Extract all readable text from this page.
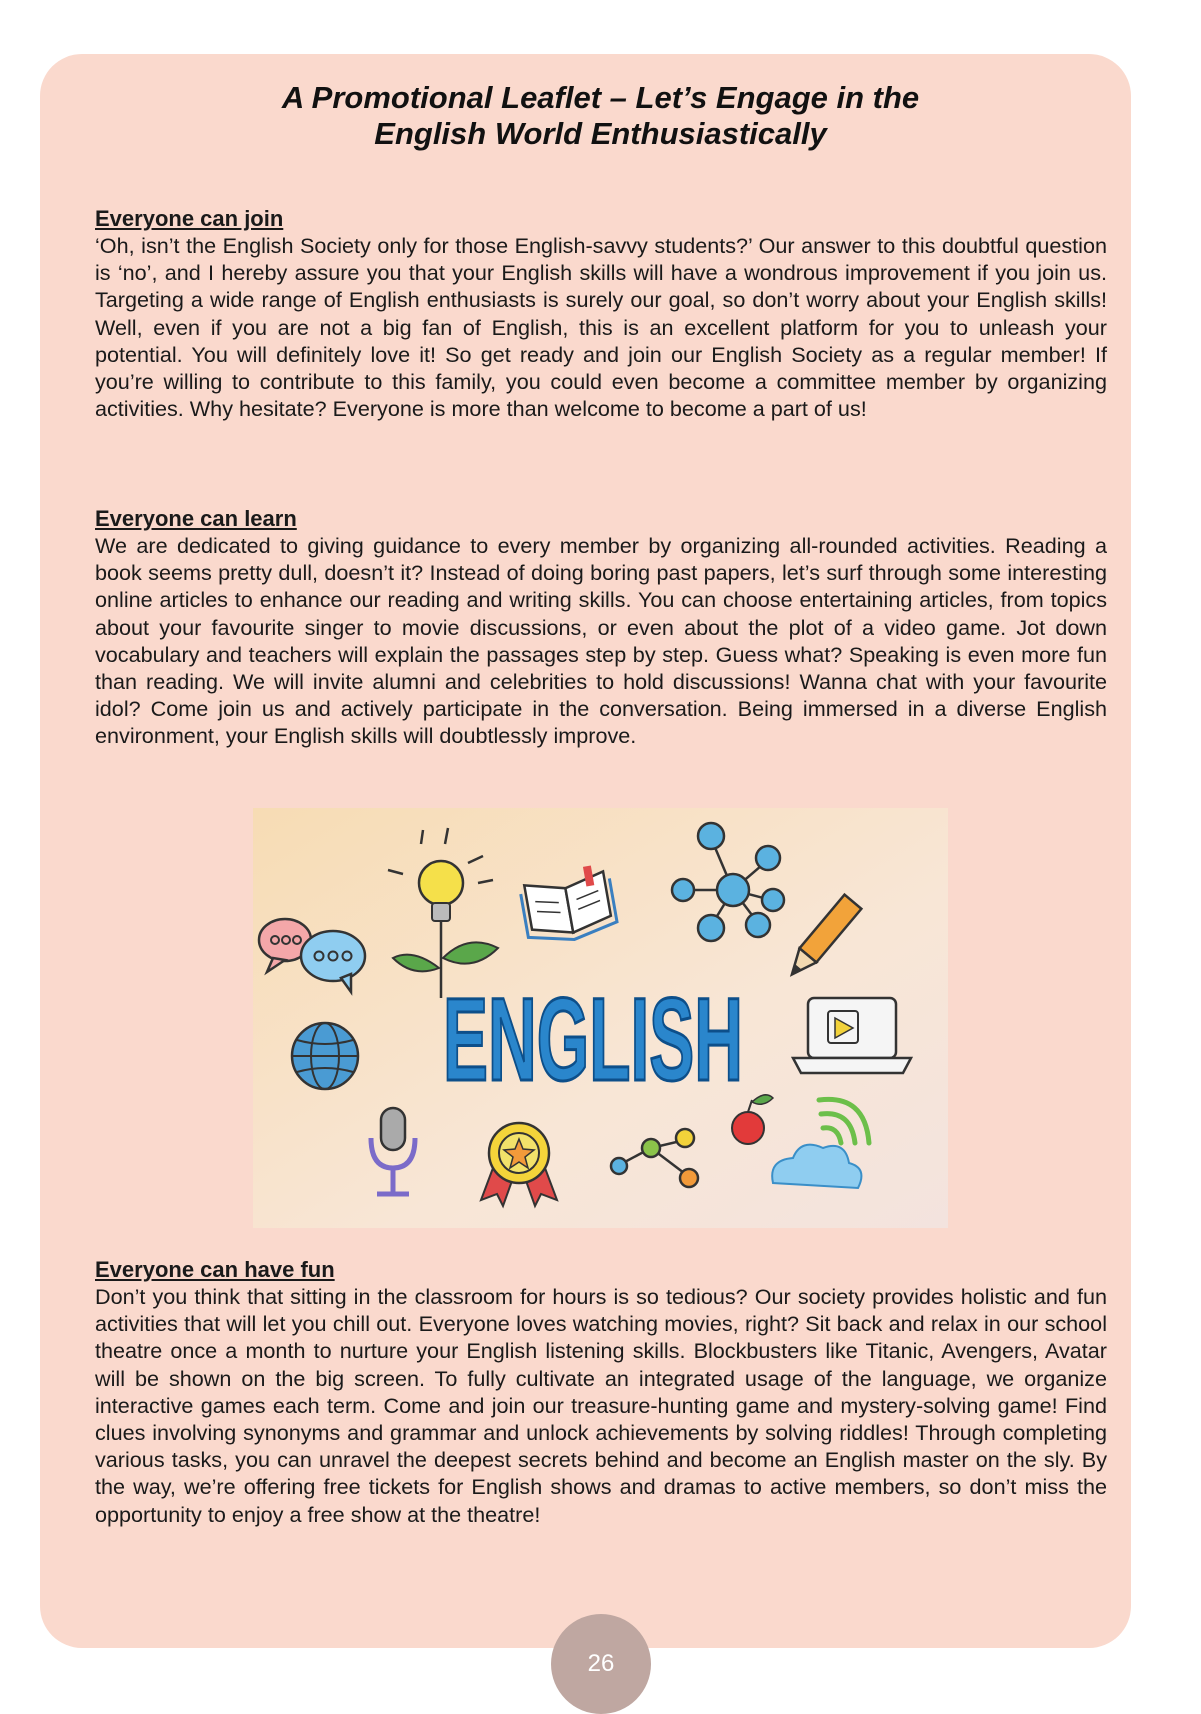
A Promotional Leaflet – Let’s Engage in the
English World Enthusiastically

Everyone can join

‘Oh, isn’t the English Society only for those English-savvy students?’ Our answer to this doubtful question is ‘no’, and I hereby assure you that your English skills will have a wondrous improvement if you join us. Targeting a wide range of English enthusiasts is surely our goal, so don’t worry about your English skills! Well, even if you are not a big fan of English, this is an excellent platform for you to unleash your potential. You will definitely love it! So get ready and join our English Society as a regular member! If you’re willing to contribute to this family, you could even become a committee member by organizing activities. Why hesitate? Everyone is more than welcome to become a part of us!

Everyone can learn

We are dedicated to giving guidance to every member by organizing all-rounded activities. Reading a book seems pretty dull, doesn’t it? Instead of doing boring past papers, let’s surf through some interesting online articles to enhance our reading and writing skills. You can choose entertaining articles, from topics about your favourite singer to movie discussions, or even about the plot of a video game. Jot down vocabulary and teachers will explain the passages step by step. Guess what? Speaking is even more fun than reading. We will invite alumni and celebrities to hold discussions! Wanna chat with your favourite idol? Come join us and actively participate in the conversation. Being immersed in a diverse English environment, your English skills will doubtlessly improve.

ENGLISH

Everyone can have fun

Don’t you think that sitting in the classroom for hours is so tedious? Our society provides holistic and fun activities that will let you chill out. Everyone loves watching movies, right? Sit back and relax in our school theatre once a month to nurture your English listening skills. Blockbusters like Titanic, Avengers, Avatar will be shown on the big screen. To fully cultivate an integrated usage of the language, we organize interactive games each term. Come and join our treasure-hunting game and mystery-solving game! Find clues involving synonyms and grammar and unlock achievements by solving riddles! Through completing various tasks, you can unravel the deepest secrets behind and become an English master on the sly. By the way, we’re offering free tickets for English shows and dramas to active members, so don’t miss the opportunity to enjoy a free show at the theatre!

26
